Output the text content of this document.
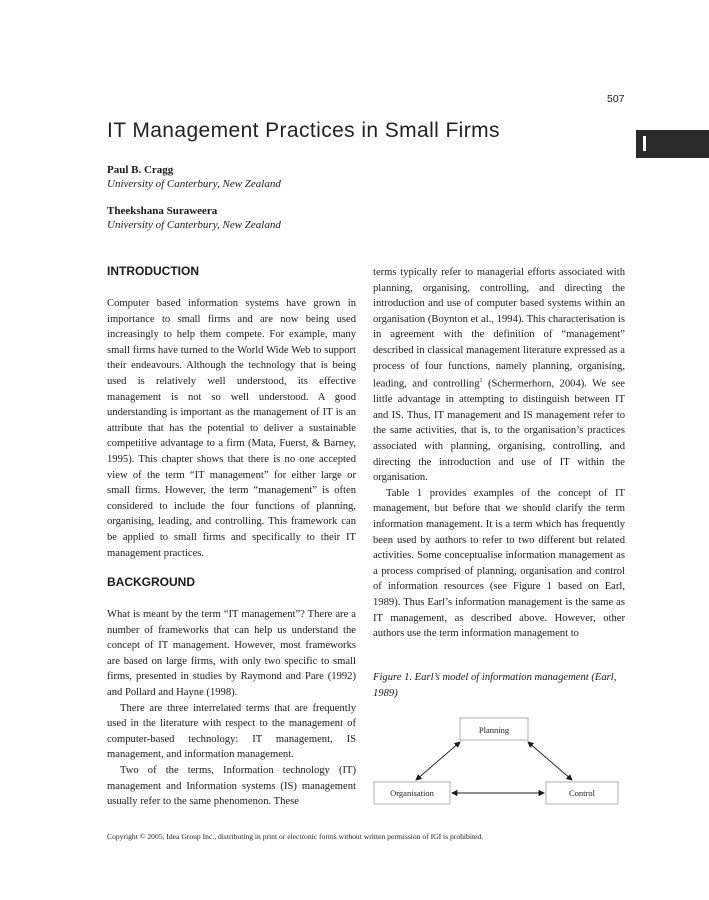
507
IT Management Practices in Small Firms
Paul B. Cragg
University of Canterbury, New Zealand
Theekshana Suraweera
University of Canterbury, New Zealand
INTRODUCTION

Computer based information systems have grown in importance to small firms and are now being used increasingly to help them compete. For example, many small firms have turned to the World Wide Web to support their endeavours. Although the technology that is being used is relatively well understood, its effective management is not so well understood. A good understanding is important as the management of IT is an attribute that has the potential to deliver a sustainable competitive advantage to a firm (Mata, Fuerst, & Barney, 1995). This chapter shows that there is no one accepted view of the term “IT management” for either large or small firms. However, the term “management” is often considered to include the four functions of planning, organising, leading, and controlling. This framework can be applied to small firms and specifically to their IT management practices.

BACKGROUND

What is meant by the term “IT management”? There are a number of frameworks that can help us understand the concept of IT management. However, most frameworks are based on large firms, with only two specific to small firms, presented in studies by Raymond and Pare (1992) and Pollard and Hayne (1998).

There are three interrelated terms that are frequently used in the literature with respect to the management of computer-based technology: IT management, IS management, and information management.

Two of the terms, Information technology (IT) management and Information systems (IS) management usually refer to the same phenomenon. These

terms typically refer to managerial efforts associated with planning, organising, controlling, and directing the introduction and use of computer based systems within an organisation (Boynton et al., 1994). This characterisation is in agreement with the definition of “management” described in classical management literature expressed as a process of four functions, namely planning, organising, leading, and controlling$^1$ (Schermerhorn, 2004). We see little advantage in attempting to distinguish between IT and IS. Thus, IT management and IS management refer to the same activities, that is, to the organisation’s practices associated with planning, organising, controlling, and directing the introduction and use of IT within the organisation.

Table 1 provides examples of the concept of IT management, but before that we should clarify the term information management. It is a term which has frequently been used by authors to refer to two different but related activities. Some conceptualise information management as a process comprised of planning, organisation and control of information resources (see Figure 1 based on Earl, 1989). Thus Earl’s information management is the same as IT management, as described above. However, other authors use the term information management to

Figure 1. Earl’s model of information management (Earl, 1989)
Planning
Organisation	Control
Copyright © 2005, Idea Group Inc., distributing in print or electronic forms without written permission of IGI is prohibited.
